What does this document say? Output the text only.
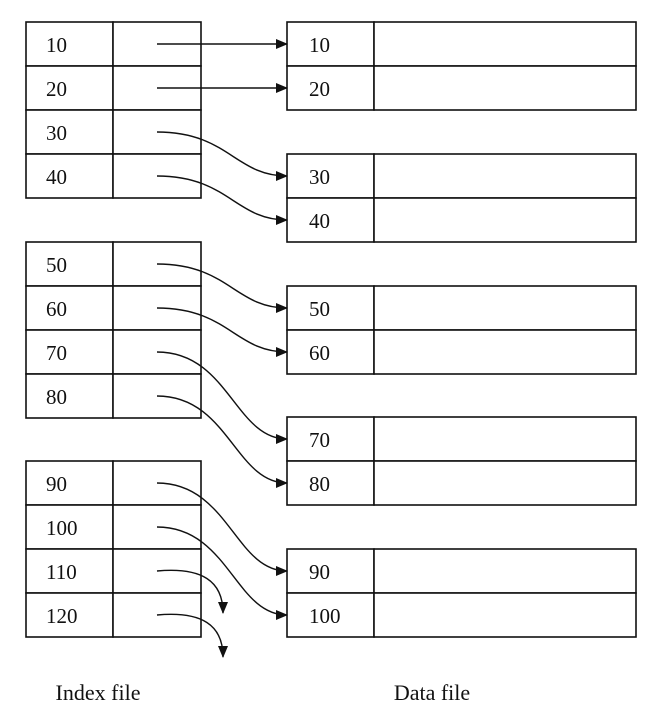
10
20
30
40
50
60
70
80
90
100
110
120
10
20
30
40
50
60
70
80
90
100
Index file	Data file
